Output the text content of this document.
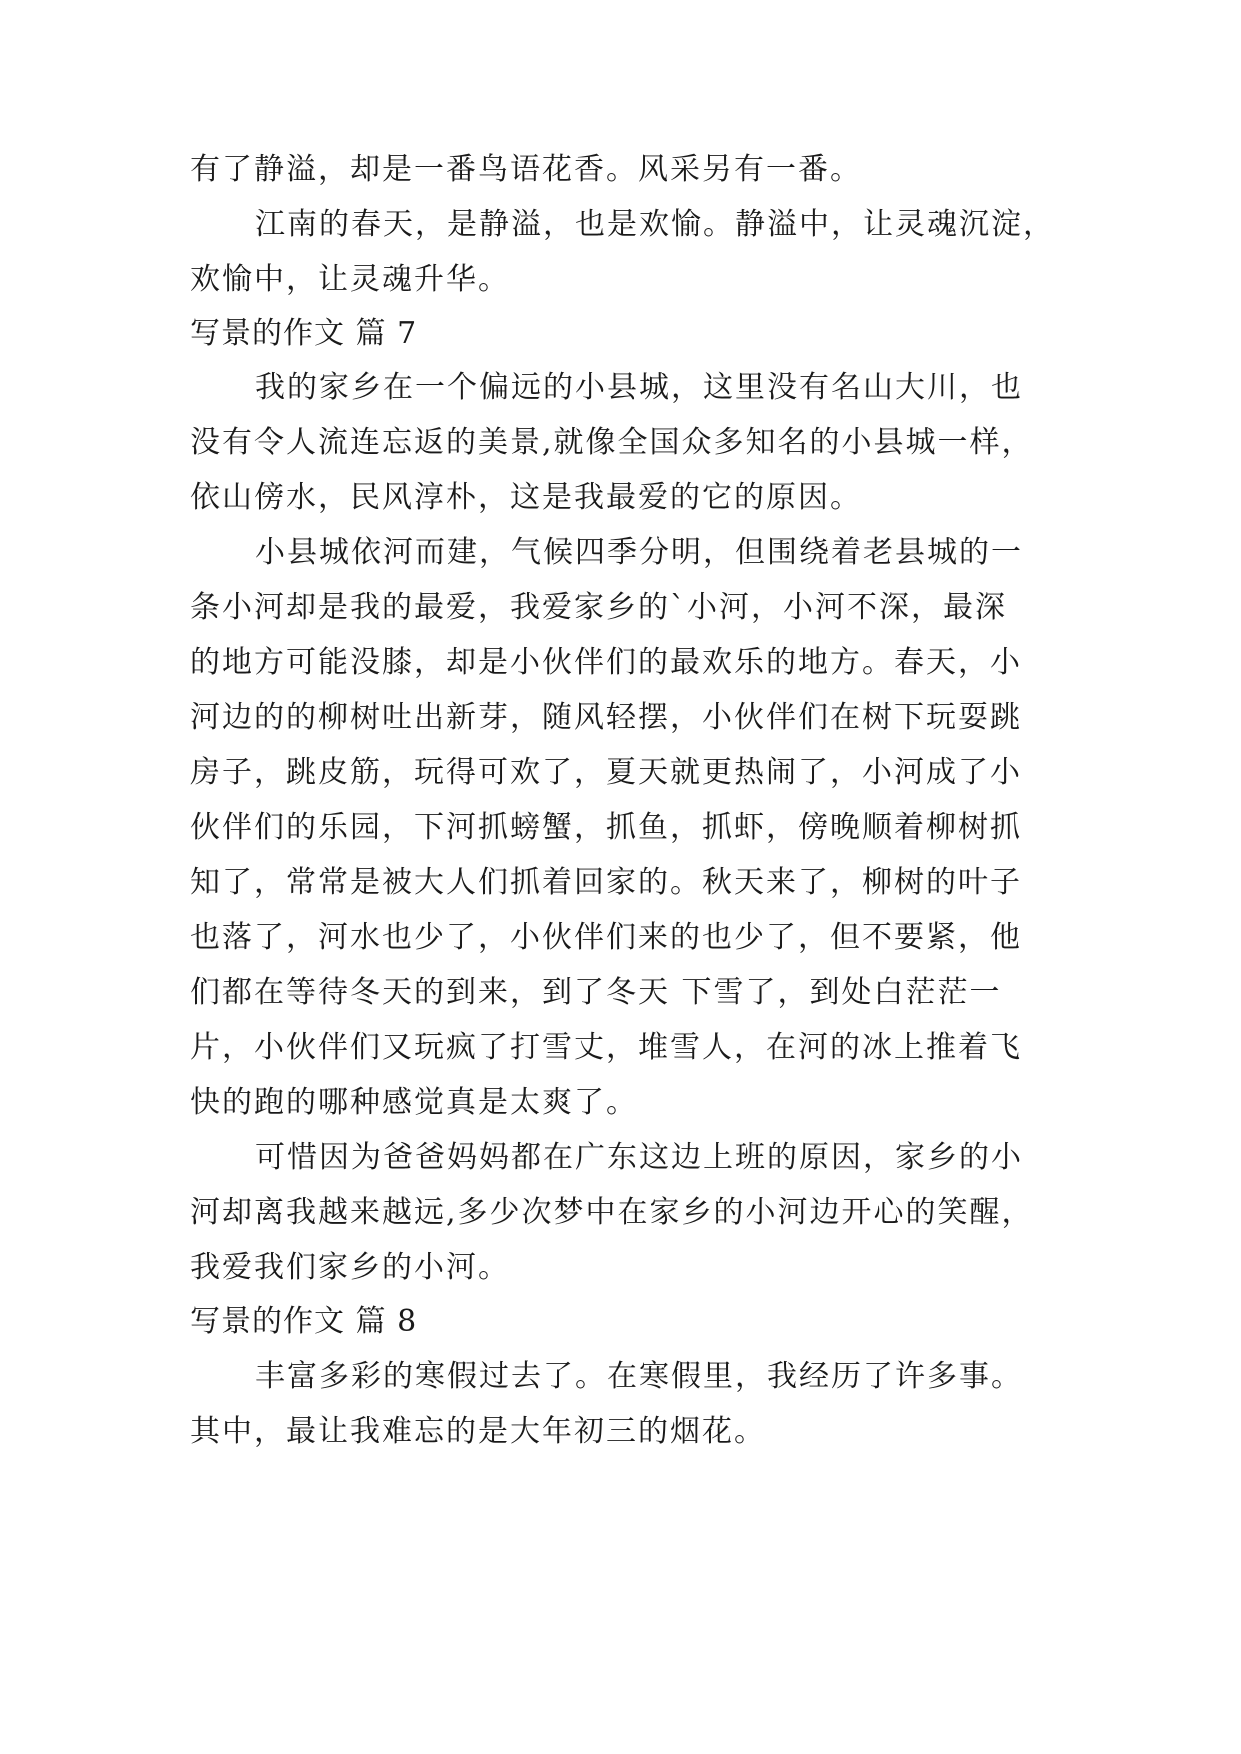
有了静溢，却是一番鸟语花香。风采另有一番。
江南的春天，是静溢，也是欢愉。静溢中，让灵魂沉淀，
欢愉中，让灵魂升华。
写景的作文 篇 7
我的家乡在一个偏远的小县城，这里没有名山大川，也
没有令人流连忘返的美景,就像全国众多知名的小县城一样，
依山傍水，民风淳朴，这是我最爱的它的原因。
小县城依河而建，气候四季分明，但围绕着老县城的一
条小河却是我的最爱，我爱家乡的`小河，小河不深，最深
的地方可能没膝，却是小伙伴们的最欢乐的地方。春天，小
河边的的柳树吐出新芽，随风轻摆，小伙伴们在树下玩耍跳
房子，跳皮筋，玩得可欢了，夏天就更热闹了，小河成了小
伙伴们的乐园，下河抓螃蟹，抓鱼，抓虾，傍晚顺着柳树抓
知了，常常是被大人们抓着回家的。秋天来了，柳树的叶子
也落了，河水也少了，小伙伴们来的也少了，但不要紧，他
们都在等待冬天的到来，到了冬天 下雪了，到处白茫茫一
片，小伙伴们又玩疯了打雪丈，堆雪人，在河的冰上推着飞
快的跑的哪种感觉真是太爽了。
可惜因为爸爸妈妈都在广东这边上班的原因，家乡的小
河却离我越来越远,多少次梦中在家乡的小河边开心的笑醒，
我爱我们家乡的小河。
写景的作文 篇 8
丰富多彩的寒假过去了。在寒假里，我经历了许多事。
其中，最让我难忘的是大年初三的烟花。
